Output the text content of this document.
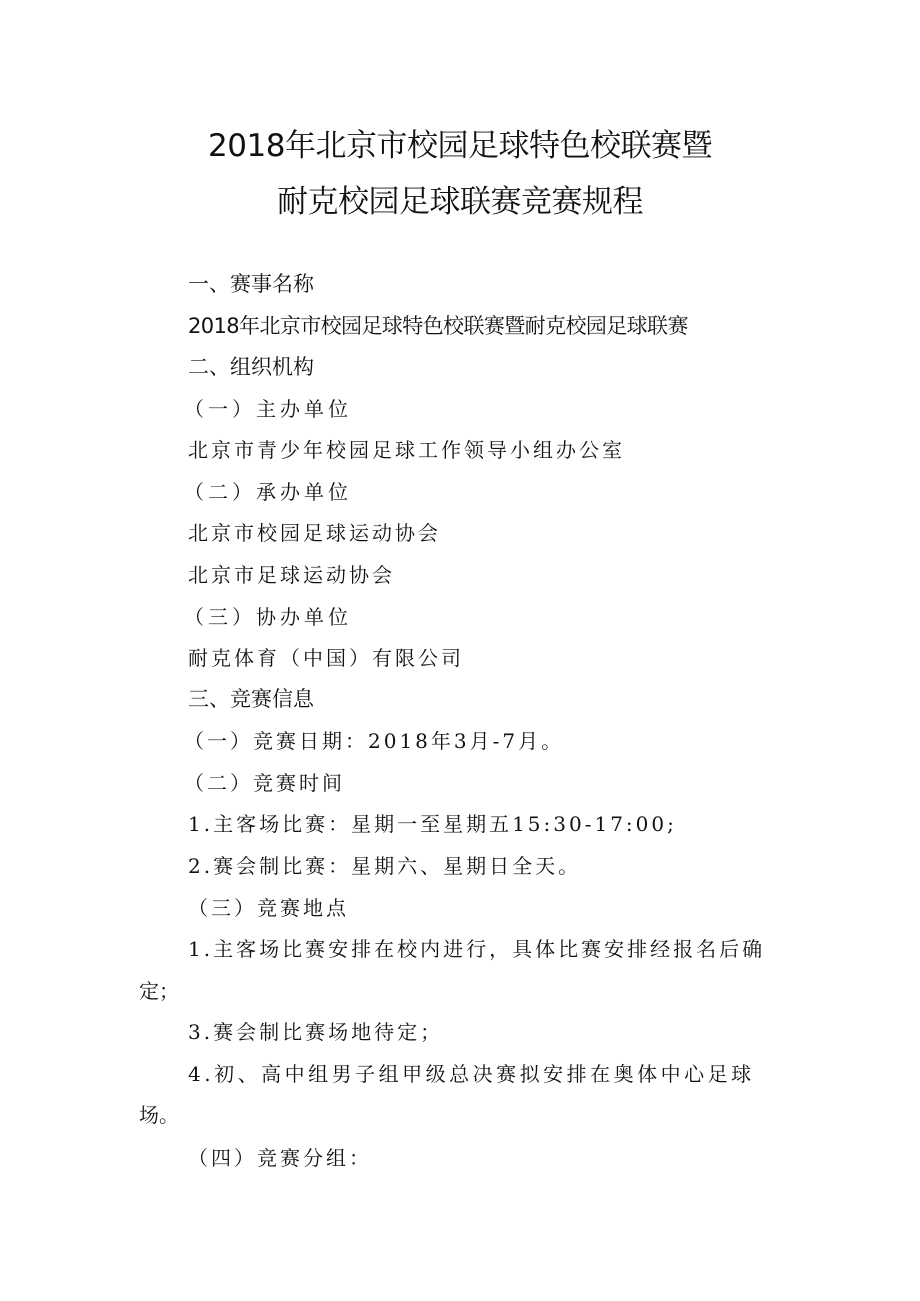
2018年北京市校园足球特色校联赛暨
耐克校园足球联赛竞赛规程
一、赛事名称
2018年北京市校园足球特色校联赛暨耐克校园足球联赛
二、组织机构
（一）主办单位
北京市青少年校园足球工作领导小组办公室
（二）承办单位
北京市校园足球运动协会
北京市足球运动协会
（三）协办单位
耐克体育（中国）有限公司
三、竞赛信息
（一）竞赛日期：2018年3月-7月。
（二）竞赛时间
1.主客场比赛：星期一至星期五15:30-17:00;
2.赛会制比赛：星期六、星期日全天。
（三）竞赛地点
1.主客场比赛安排在校内进行，具体比赛安排经报名后确
定；
3.赛会制比赛场地待定；
4.初、高中组男子组甲级总决赛拟安排在奥体中心足球
场。
（四）竞赛分组：
